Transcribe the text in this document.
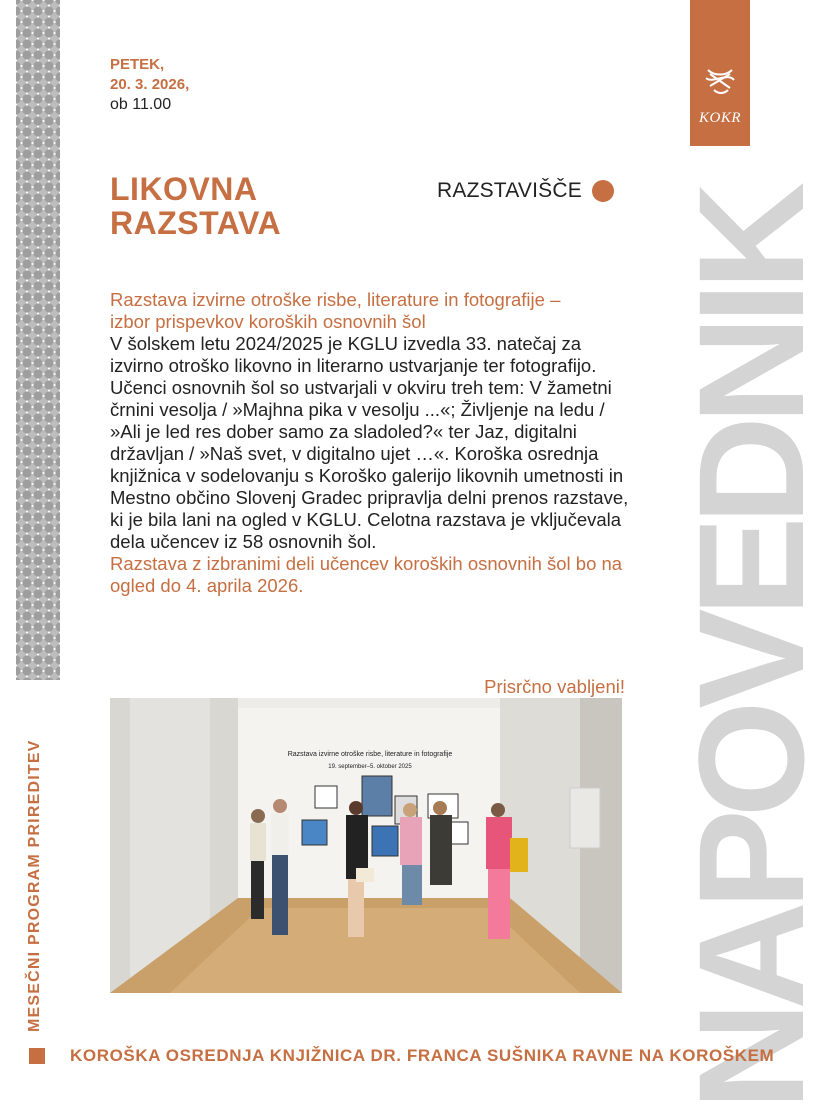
MESEČNI PROGRAM PRIREDITEV
PETEK,
20. 3. 2026,
ob 11.00
NAPOVEDNIK
KOKR
LIKOVNA
RAZSTAVA
RAZSTAVIŠČE

Razstava izvirne otroške risbe, literature in fotografije –

izbor prispevkov koroških osnovnih šol

V šolskem letu 2024/2025 je KGLU izvedla 33. natečaj za izvirno otroško likovno in literarno ustvarjanje ter fotografijo. Učenci osnovnih šol so ustvarjali v okviru treh tem: V žametni črnini vesolja / »Majhna pika v vesolju ...«; Življenje na ledu / »Ali je led res dober samo za sladoled?« ter Jaz, digitalni državljan / »Naš svet, v digitalno ujet …«. Koroška osrednja knjižnica v sodelovanju s Koroško galerijo likovnih umetnosti in Mestno občino Slovenj Gradec pripravlja delni prenos razstave, ki je bila lani na ogled v KGLU. Celotna razstava je vključevala dela učencev iz 58 osnovnih šol.

Razstava z izbranimi deli učencev koroških osnovnih šol bo na ogled do 4. aprila 2026.

Prisrčno vabljeni!
Razstava izvirne otroške risbe, literature in fotografije
19. september–5. oktober 2025
KOROŠKA OSREDNJA KNJIŽNICA DR. FRANCA SUŠNIKA RAVNE NA KOROŠKEM
